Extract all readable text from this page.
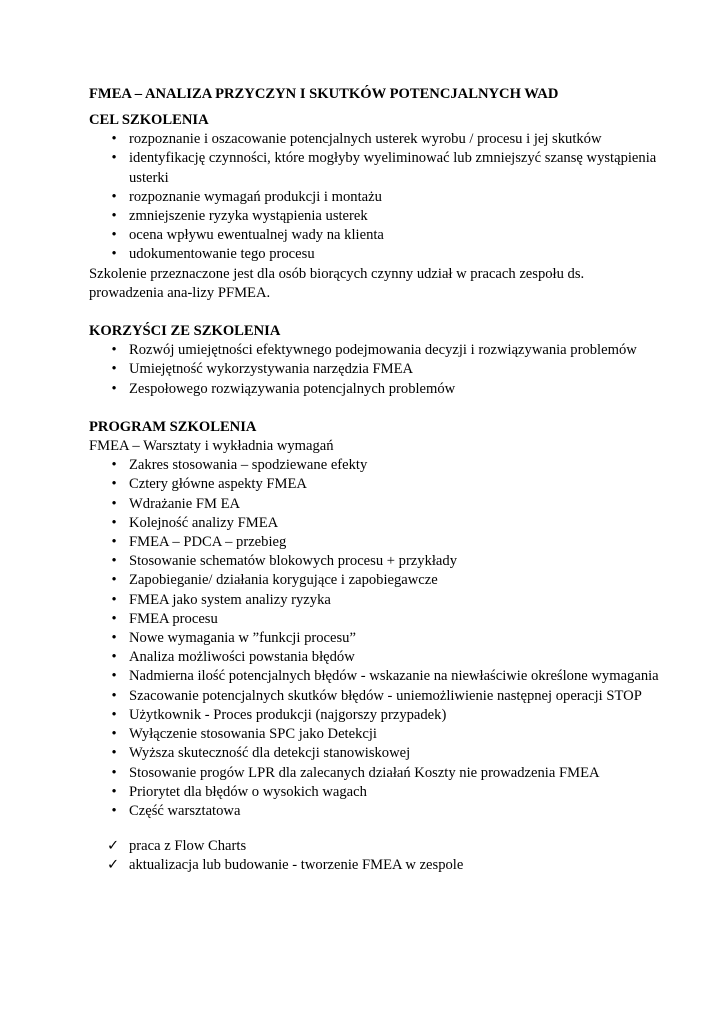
FMEA – ANALIZA PRZYCZYN I SKUTKÓW POTENCJALNYCH WAD

CEL SZKOLENIA

• rozpoznanie i oszacowanie potencjalnych usterek wyrobu / procesu i jej skutków
• identyfikację czynności, które mogłyby wyeliminować lub zmniejszyć szansę wystąpienia usterki
• rozpoznanie wymagań produkcji i montażu
• zmniejszenie ryzyka wystąpienia usterek
• ocena wpływu ewentualnej wady na klienta
• udokumentowanie tego procesu

Szkolenie przeznaczone jest dla osób biorących czynny udział w pracach zespołu ds. prowadzenia ana-lizy PFMEA.

KORZYŚCI ZE SZKOLENIA

• Rozwój umiejętności efektywnego podejmowania decyzji i rozwiązywania problemów
• Umiejętność wykorzystywania narzędzia FMEA
• Zespołowego rozwiązywania potencjalnych problemów

PROGRAM SZKOLENIA

FMEA – Warsztaty i wykładnia wymagań

• Zakres stosowania – spodziewane efekty
• Cztery główne aspekty FMEA
• Wdrażanie FM EA
• Kolejność analizy FMEA
• FMEA – PDCA – przebieg
• Stosowanie schematów blokowych procesu + przykłady
• Zapobieganie/ działania korygujące i zapobiegawcze
• FMEA jako system analizy ryzyka
• FMEA procesu
• Nowe wymagania w ”funkcji procesu”
• Analiza możliwości powstania błędów
• Nadmierna ilość potencjalnych błędów - wskazanie na niewłaściwie określone wymagania
• Szacowanie potencjalnych skutków błędów - uniemożliwienie następnej operacji STOP
• Użytkownik - Proces produkcji (najgorszy przypadek)
• Wyłączenie stosowania SPC jako Detekcji
• Wyższa skuteczność dla detekcji stanowiskowej
• Stosowanie progów LPR dla zalecanych działań Koszty nie prowadzenia FMEA
• Priorytet dla błędów o wysokich wagach
• Część warsztatowa
✓ praca z Flow Charts
✓ aktualizacja lub budowanie - tworzenie FMEA w zespole
